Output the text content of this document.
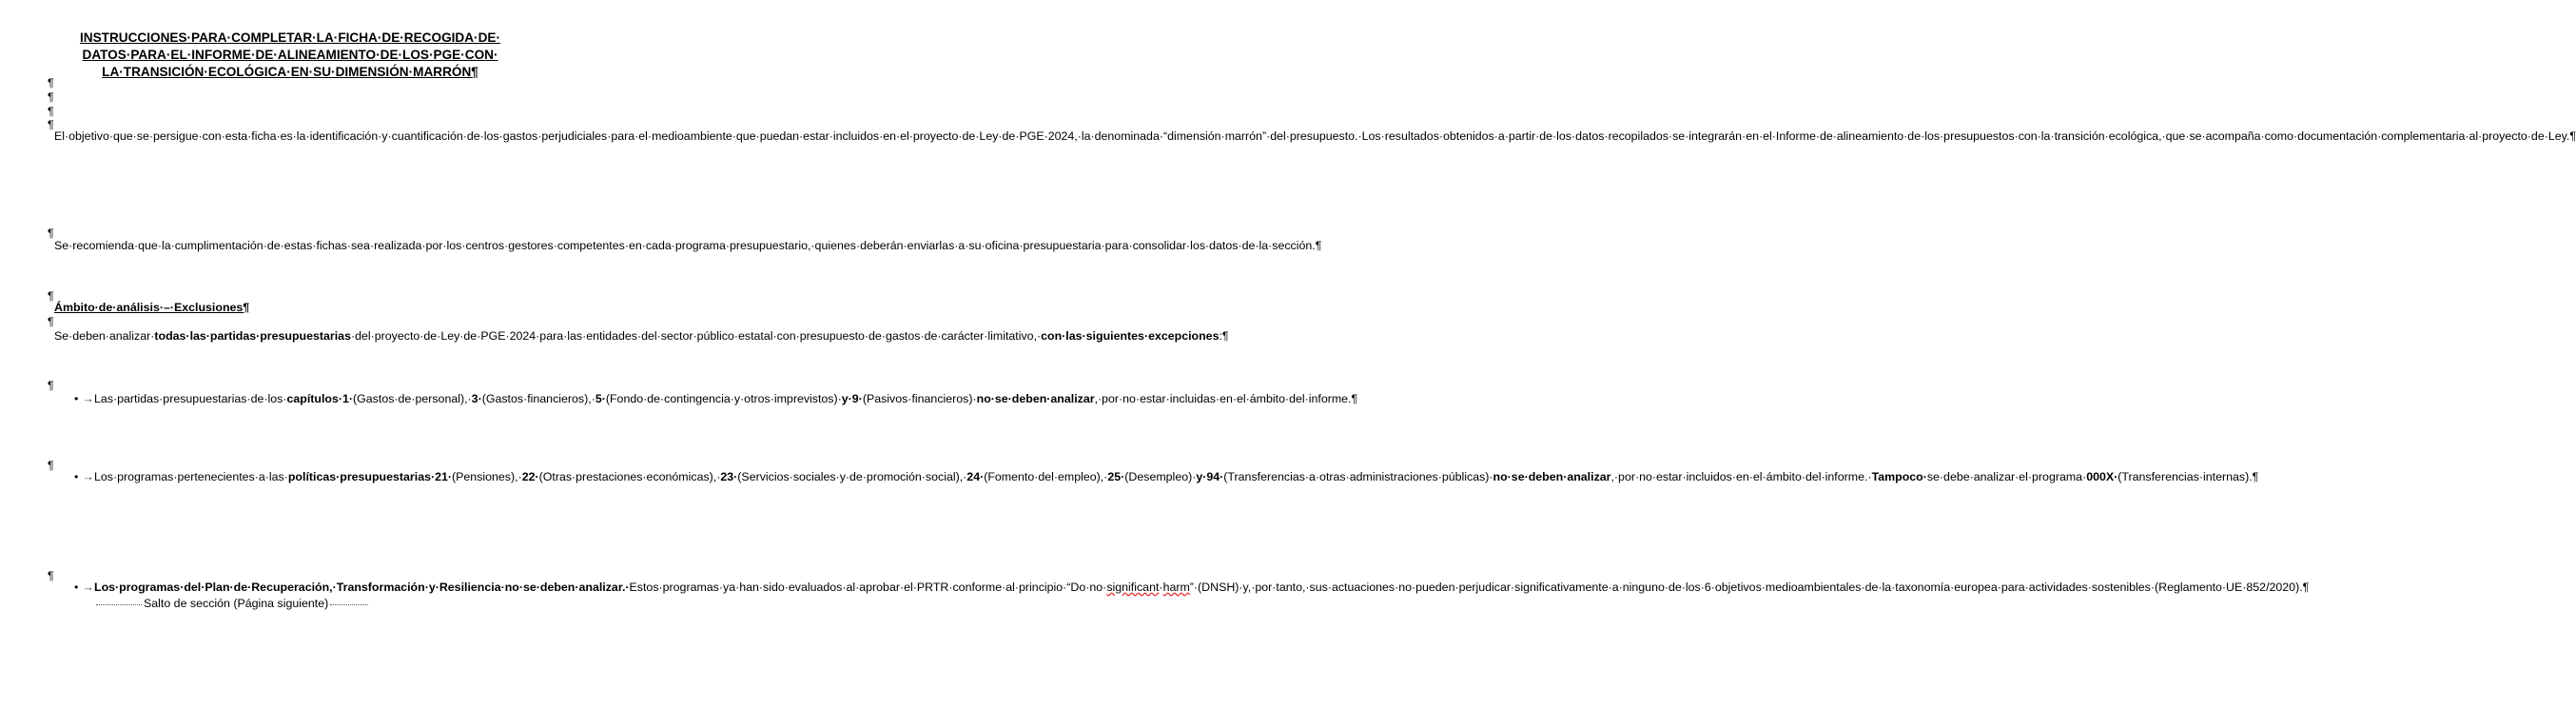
INSTRUCCIONES·PARA·COMPLETAR·LA·FICHA·DE·RECOGIDA·DE·
DATOS·PARA·EL·INFORME·DE·ALINEAMIENTO·DE·LOS·PGE·CON·
LA·TRANSICIÓN·ECOLÓGICA·EN·SU·DIMENSIÓN·MARRÓN¶
¶
¶
¶
¶
El·objetivo·que·se·persigue·con·esta·ficha·es·la·identificación·y·cuantificación·de·los·gastos·perjudiciales·para·el·medioambiente·que·puedan·estar·incluidos·en·el·proyecto·de·Ley·de·PGE·2024,·la·denominada·“dimensión·marrón”·del·presupuesto.·Los·resultados·obtenidos·a·partir·de·los·datos·recopilados·se·integrarán·en·el·Informe·de·alineamiento·de·los·presupuestos·con·la·transición·ecológica,·que·se·acompaña·como·documentación·complementaria·al·proyecto·de·Ley.¶
¶
Se·recomienda·que·la·cumplimentación·de·estas·fichas·sea·realizada·por·los·centros·gestores·competentes·en·cada·programa·presupuestario,·quienes·deberán·enviarlas·a·su·oficina·presupuestaria·para·consolidar·los·datos·de·la·sección.¶
¶
Ámbito·de·análisis·–·Exclusiones¶
¶
Se·deben·analizar·todas·las·partidas·presupuestarias·del·proyecto·de·Ley·de·PGE·2024·para·las·entidades·del·sector·público·estatal·con·presupuesto·de·gastos·de·carácter·limitativo,·con·las·siguientes·excepciones:¶
¶
• → Las·partidas·presupuestarias·de·los·capítulos·1·(Gastos·de·personal),·3·(Gastos·financieros),·5·(Fondo·de·contingencia·y·otros·imprevistos)·y·9·(Pasivos·financieros)·no·se·deben·analizar,·por·no·estar·incluidas·en·el·ámbito·del·informe.¶
¶
• → Los·programas·pertenecientes·a·las·políticas·presupuestarias·21·(Pensiones),·22·(Otras·prestaciones·económicas),·23·(Servicios·sociales·y·de·promoción·social),·24·(Fomento·del·empleo),·25·(Desempleo)·y·94·(Transferencias·a·otras·administraciones·públicas)·no·se·deben·analizar,·por·no·estar·incluidos·en·el·ámbito·del·informe.·Tampoco·se·debe·analizar·el·programa·000X·(Transferencias·internas).¶
¶
• → Los·programas·del·Plan·de·Recuperación,·Transformación·y·Resiliencia·no·se·deben·analizar.·Estos·programas·ya·han·sido·evaluados·al·aprobar·el·PRTR·conforme·al·principio·“Do·no·significant·harm”·(DNSH)·y,·por·tanto,·sus·actuaciones·no·pueden·perjudicar·significativamente·a·ninguno·de·los·6·objetivos·medioambientales·de·la·taxonomía·europea·para·actividades·sostenibles·(Reglamento·UE·852/2020).¶Salto de sección (Página siguiente)
